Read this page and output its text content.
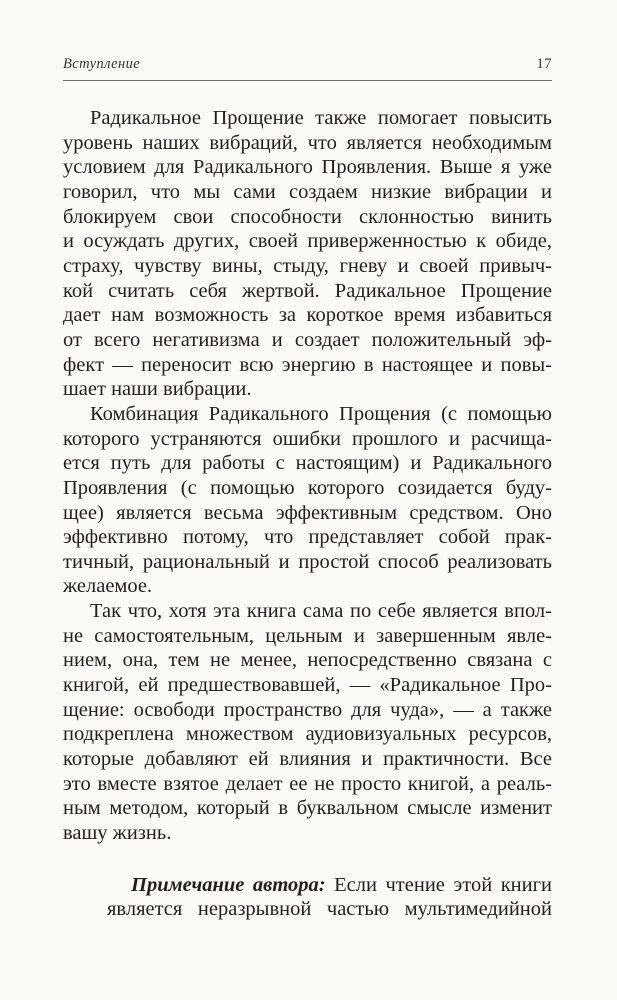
Вступление	17
Радикальное Прощение также помогает повысить
уровень наших вибраций, что является необходимым
условием для Радикального Проявления. Выше я уже
говорил, что мы сами создаем низкие вибрации и
блокируем свои способности склонностью винить
и осуждать других, своей приверженностью к обиде,
страху, чувству вины, стыду, гневу и своей привыч-
кой считать себя жертвой. Радикальное Прощение
дает нам возможность за короткое время избавиться
от всего негативизма и создает положительный эф-
фект — переносит всю энергию в настоящее и повы-
шает наши вибрации.
Комбинация Радикального Прощения (с помощью
которого устраняются ошибки прошлого и расчища-
ется путь для работы с настоящим) и Радикального
Проявления (с помощью которого созидается буду-
щее) является весьма эффективным средством. Оно
эффективно потому, что представляет собой прак-
тичный, рациональный и простой способ реализовать
желаемое.
Так что, хотя эта книга сама по себе является впол-
не самостоятельным, цельным и завершенным явле-
нием, она, тем не менее, непосредственно связана с
книгой, ей предшествовавшей, — «Радикальное Про-
щение: освободи пространство для чуда», — а также
подкреплена множеством аудиовизуальных ресурсов,
которые добавляют ей влияния и практичности. Все
это вместе взятое делает ее не просто книгой, а реаль-
ным методом, который в буквальном смысле изменит
вашу жизнь.
Примечание автора: Если чтение этой книги
является неразрывной частью мультимедийной
